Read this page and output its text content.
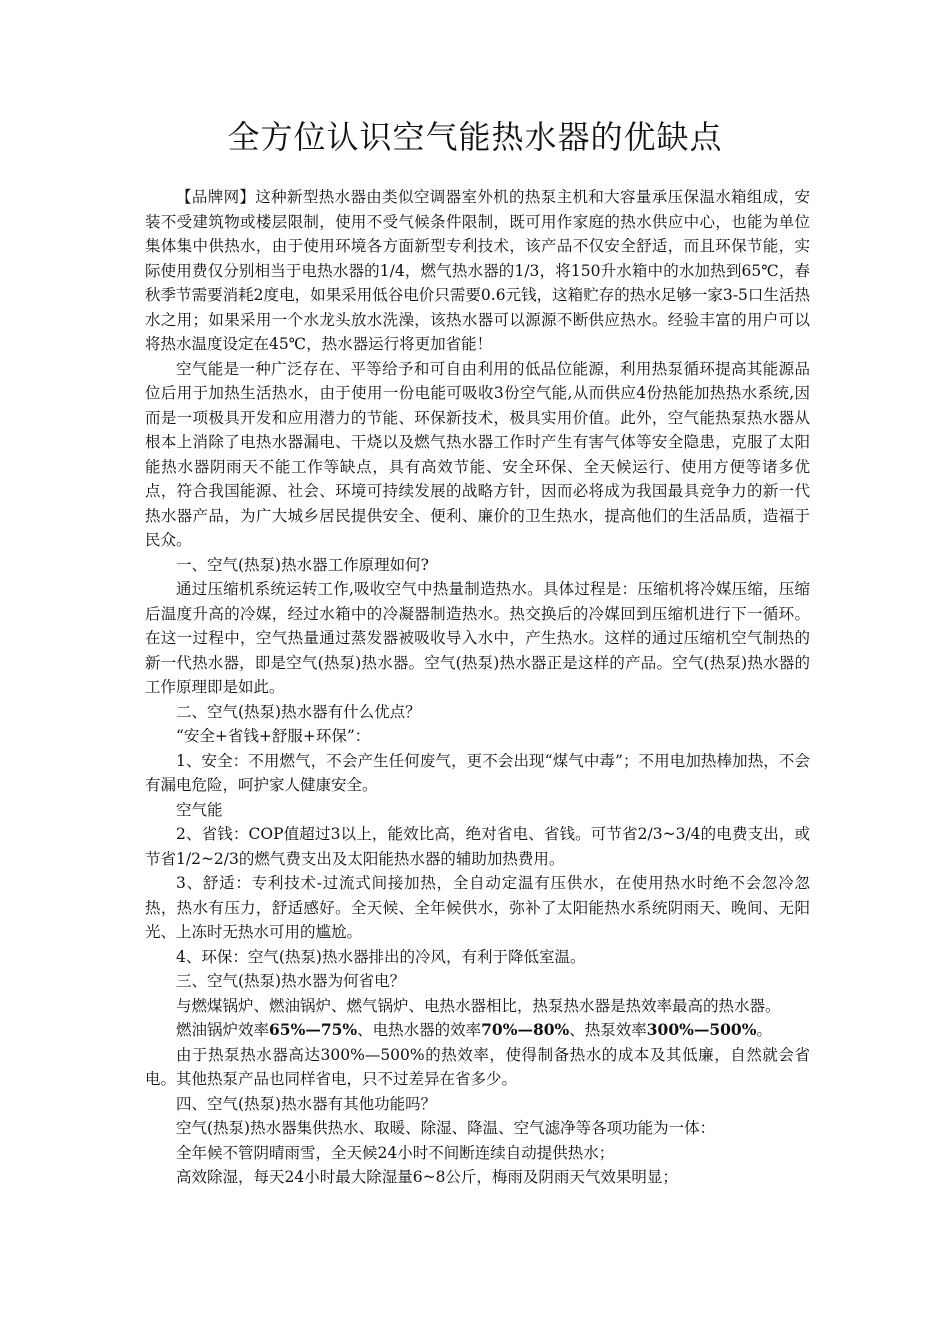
全方位认识空气能热水器的优缺点

【品牌网】这种新型热水器由类似空调器室外机的热泵主机和大容量承压保温水箱组成，安装不受建筑物或楼层限制，使用不受气候条件限制，既可用作家庭的热水供应中心，也能为单位集体集中供热水，由于使用环境各方面新型专利技术，该产品不仅安全舒适，而且环保节能，实际使用费仅分别相当于电热水器的1/4，燃气热水器的1/3，将150升水箱中的水加热到65℃，春秋季节需要消耗2度电，如果采用低谷电价只需要0.6元钱，这箱贮存的热水足够一家3-5口生活热水之用；如果采用一个水龙头放水洗澡，该热水器可以源源不断供应热水。经验丰富的用户可以将热水温度设定在45℃，热水器运行将更加省能！

空气能是一种广泛存在、平等给予和可自由利用的低品位能源，利用热泵循环提高其能源品位后用于加热生活热水，由于使用一份电能可吸收3份空气能,从而供应4份热能加热热水系统,因而是一项极具开发和应用潜力的节能、环保新技术，极具实用价值。此外，空气能热泵热水器从根本上消除了电热水器漏电、干烧以及燃气热水器工作时产生有害气体等安全隐患，克服了太阳能热水器阴雨天不能工作等缺点，具有高效节能、安全环保、全天候运行、使用方便等诸多优点，符合我国能源、社会、环境可持续发展的战略方针，因而必将成为我国最具竞争力的新一代热水器产品，为广大城乡居民提供安全、便利、廉价的卫生热水，提高他们的生活品质，造福于民众。

一、空气(热泵)热水器工作原理如何?

通过压缩机系统运转工作,吸收空气中热量制造热水。具体过程是：压缩机将冷媒压缩，压缩后温度升高的冷媒，经过水箱中的冷凝器制造热水。热交换后的冷媒回到压缩机进行下一循环。在这一过程中，空气热量通过蒸发器被吸收导入水中，产生热水。这样的通过压缩机空气制热的新一代热水器，即是空气(热泵)热水器。空气(热泵)热水器正是这样的产品。空气(热泵)热水器的工作原理即是如此。

二、空气(热泵)热水器有什么优点？

“安全+省钱+舒服+环保”：

1、安全：不用燃气，不会产生任何废气，更不会出现“煤气中毒”；不用电加热棒加热，不会有漏电危险，呵护家人健康安全。

空气能

2、省钱：COP值超过3以上，能效比高，绝对省电、省钱。可节省2/3~3/4的电费支出，或节省1/2~2/3的燃气费支出及太阳能热水器的辅助加热费用。

3、舒适：专利技术-过流式间接加热，全自动定温有压供水，在使用热水时绝不会忽冷忽热，热水有压力，舒适感好。全天候、全年候供水，弥补了太阳能热水系统阴雨天、晚间、无阳光、上冻时无热水可用的尴尬。

4、环保：空气(热泵)热水器排出的冷风，有利于降低室温。

三、空气(热泵)热水器为何省电？

与燃煤锅炉、燃油锅炉、燃气锅炉、电热水器相比，热泵热水器是热效率最高的热水器。

燃油锅炉效率65%—75%、电热水器的效率70%—80%、热泵效率300%—500%。

由于热泵热水器高达300%—500%的热效率，使得制备热水的成本及其低廉，自然就会省电。其他热泵产品也同样省电，只不过差异在省多少。

四、空气(热泵)热水器有其他功能吗？

空气(热泵)热水器集供热水、取暖、除湿、降温、空气滤净等各项功能为一体：

全年候不管阴晴雨雪，全天候24小时不间断连续自动提供热水；

高效除湿，每天24小时最大除湿量6~8公斤，梅雨及阴雨天气效果明显；
